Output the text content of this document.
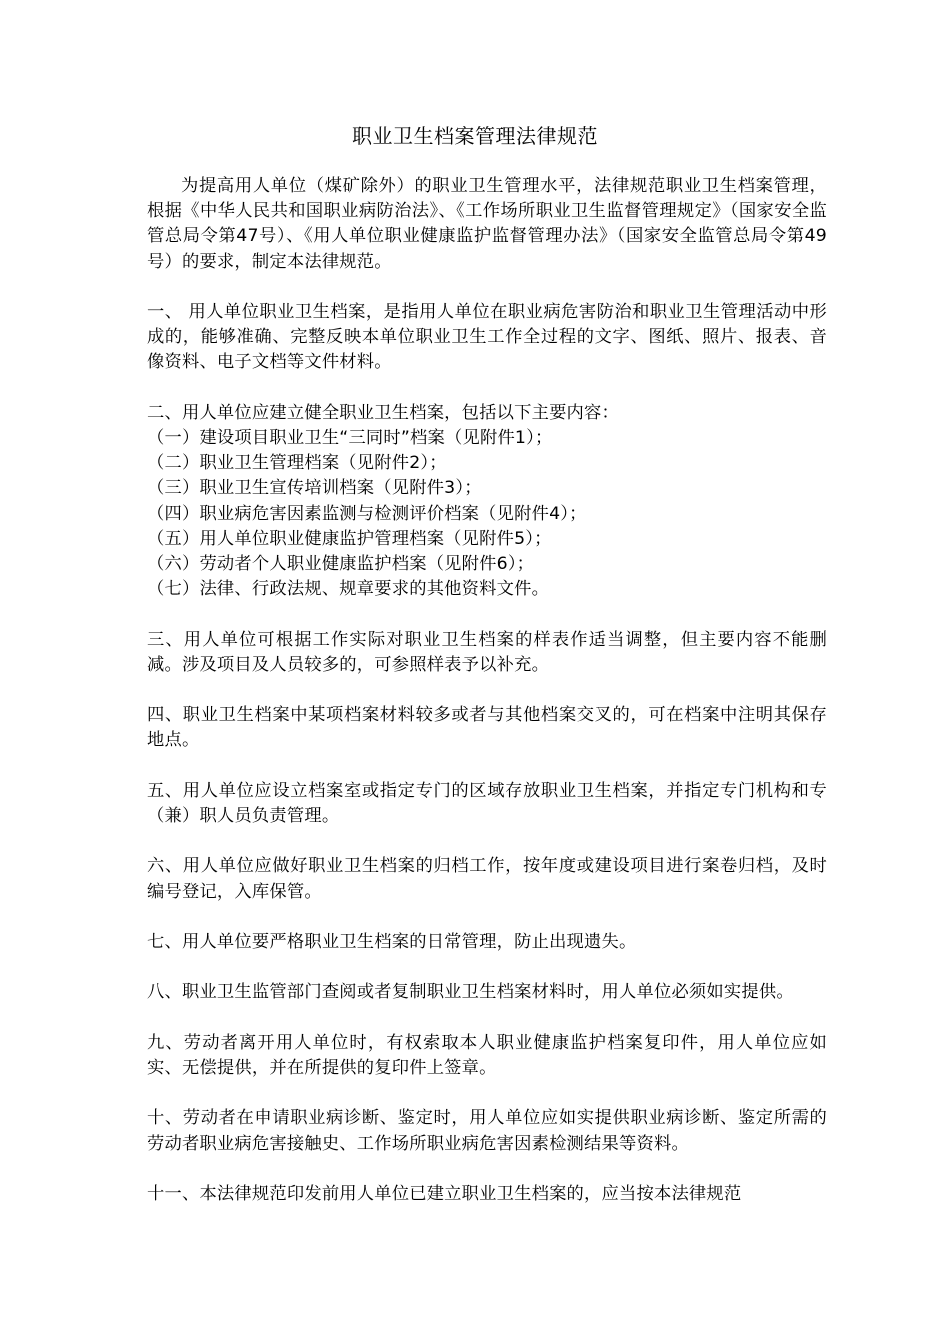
职业卫生档案管理法律规范

为提高用人单位（煤矿除外）的职业卫生管理水平，法律规范职业卫生档案管理，根据《中华人民共和国职业病防治法》、《工作场所职业卫生监督管理规定》（国家安全监管总局令第47号）、《用人单位职业健康监护监督管理办法》（国家安全监管总局令第49号）的要求，制定本法律规范。

一、 用人单位职业卫生档案，是指用人单位在职业病危害防治和职业卫生管理活动中形成的，能够准确、完整反映本单位职业卫生工作全过程的文字、图纸、照片、报表、音像资料、电子文档等文件材料。

二、用人单位应建立健全职业卫生档案，包括以下主要内容：

（一）建设项目职业卫生“三同时”档案（见附件1）；

（二）职业卫生管理档案（见附件2）；

（三）职业卫生宣传培训档案（见附件3）；

（四）职业病危害因素监测与检测评价档案（见附件4）；

（五）用人单位职业健康监护管理档案（见附件5）；

（六）劳动者个人职业健康监护档案（见附件6）；

（七）法律、行政法规、规章要求的其他资料文件。

三、用人单位可根据工作实际对职业卫生档案的样表作适当调整，但主要内容不能删减。涉及项目及人员较多的，可参照样表予以补充。

四、职业卫生档案中某项档案材料较多或者与其他档案交叉的，可在档案中注明其保存地点。

五、用人单位应设立档案室或指定专门的区域存放职业卫生档案，并指定专门机构和专（兼）职人员负责管理。

六、用人单位应做好职业卫生档案的归档工作，按年度或建设项目进行案卷归档，及时编号登记，入库保管。

七、用人单位要严格职业卫生档案的日常管理，防止出现遗失。

八、职业卫生监管部门查阅或者复制职业卫生档案材料时，用人单位必须如实提供。

九、劳动者离开用人单位时，有权索取本人职业健康监护档案复印件，用人单位应如实、无偿提供，并在所提供的复印件上签章。

十、劳动者在申请职业病诊断、鉴定时，用人单位应如实提供职业病诊断、鉴定所需的劳动者职业病危害接触史、工作场所职业病危害因素检测结果等资料。

十一、本法律规范印发前用人单位已建立职业卫生档案的，应当按本法律规范
